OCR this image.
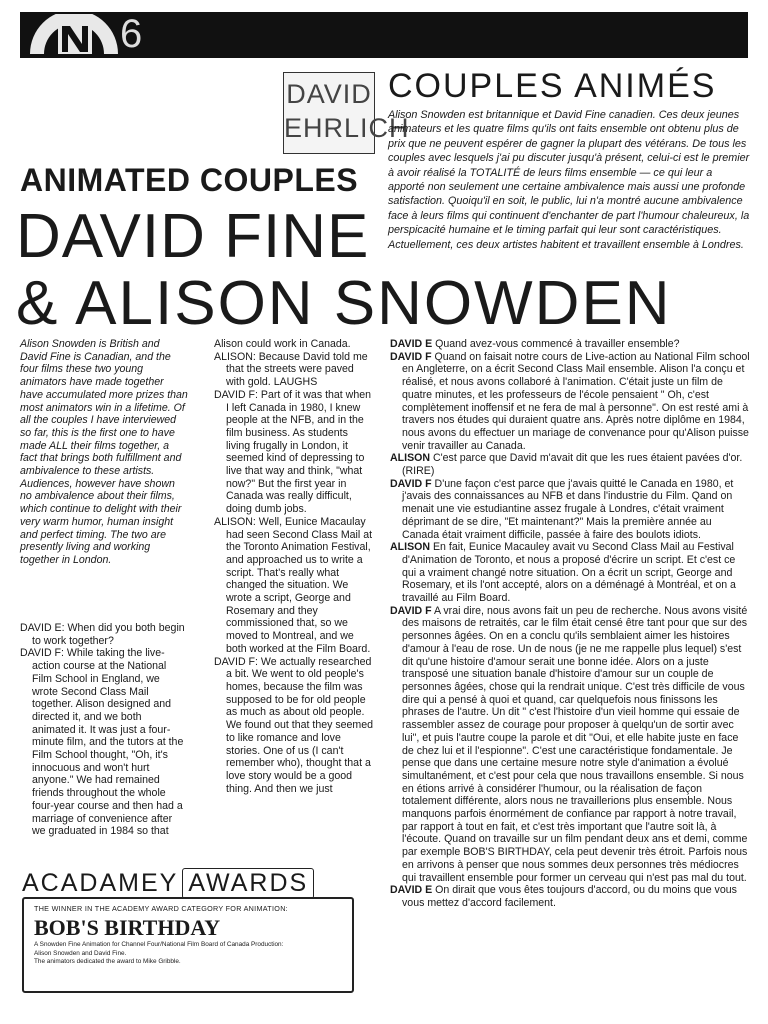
6
DAVID
EHRLICH
COUPLES ANIMÉS
Alison Snowden est britannique et David Fine canadien. Ces deux jeunes animateurs et les quatre films qu'ils ont faits ensemble ont obtenu plus de prix que ne peuvent espérer de gagner la plupart des vétérans. De tous les couples avec lesquels j'ai pu discuter jusqu'à présent, celui-ci est le premier à avoir réalisé la TOTALITÉ de leurs films ensemble — ce qui leur a apporté non seulement une certaine ambivalence mais aussi une profonde satisfaction. Quoiqu'il en soit, le public, lui n'a montré aucune ambivalence face à leurs films qui continuent d'enchanter de part l'humour chaleureux, la perspicacité humaine et le timing parfait qui leur sont caractéristiques. Actuellement, ces deux artistes habitent et travaillent ensemble à Londres.
ANIMATED COUPLES
DAVID FINE
& ALISON SNOWDEN
Alison Snowden is British and David Fine is Canadian, and the four films these two young animators have made together have accumulated more prizes than most animators win in a lifetime. Of all the couples I have interviewed so far, this is the first one to have made ALL their films together, a fact that brings both fulfillment and ambivalence to these artists. Audiences, however have shown no ambivalence about their films, which continue to delight with their very warm humor, human insight and perfect timing. The two are presently living and working together in London.

DAVID E: When did you both begin to work together?

DAVID F: While taking the live-action course at the National Film School in England, we wrote Second Class Mail together. Alison designed and directed it, and we both animated it. It was just a four-minute film, and the tutors at the Film School thought, "Oh, it's innocuous and won't hurt anyone." We had remained friends throughout the whole four-year course and then had a marriage of convenience after we graduated in 1984 so that

Alison could work in Canada.

ALISON: Because David told me that the streets were paved with gold. LAUGHS

DAVID F: Part of it was that when I left Canada in 1980, I knew people at the NFB, and in the film business. As students living frugally in London, it seemed kind of depressing to live that way and think, "what now?" But the first year in Canada was really difficult, doing dumb jobs.

ALISON: Well, Eunice Macaulay had seen Second Class Mail at the Toronto Animation Festival, and approached us to write a script. That's really what changed the situation. We wrote a script, George and Rosemary and they commissioned that, so we moved to Montreal, and we both worked at the Film Board.

DAVID F: We actually researched a bit. We went to old people's homes, because the film was supposed to be for old people as much as about old people. We found out that they seemed to like romance and love stories. One of us (I can't remember who), thought that a love story would be a good thing. And then we just

DAVID E Quand avez-vous commencé à travailler ensemble?

DAVID F Quand on faisait notre cours de Live-action au National Film school en Angleterre, on a écrit Second Class Mail ensemble. Alison l'a conçu et réalisé, et nous avons collaboré à l'animation. C'était juste un film de quatre minutes, et les professeurs de l'école pensaient " Oh, c'est complètement inoffensif et ne fera de mal à personne". On est resté ami à travers nos études qui duraient quatre ans. Après notre diplôme en 1984, nous avons du effectuer un mariage de convenance pour qu'Alison puisse venir travailler au Canada.

ALISON C'est parce que David m'avait dit que les rues étaient pavées d'or. (RIRE)

DAVID F D'une façon c'est parce que j'avais quitté le Canada en 1980, et j'avais des connaissances au NFB et dans l'industrie du Film. Qand on menait une vie estudiantine assez frugale à Londres, c'était vraiment déprimant de se dire, "Et maintenant?" Mais la première année au Canada était vraiment difficile, passée à faire des boulots idiots.

ALISON En fait, Eunice Macauley avait vu Second Class Mail au Festival d'Animation de Toronto, et nous a proposé d'écrire un script. Et c'est ce qui a vraiment changé notre situation. On a écrit un script, George and Rosemary, et ils l'ont accepté, alors on a déménagé à Montréal, et on a travaillé au Film Board.

DAVID F A vrai dire, nous avons fait un peu de recherche. Nous avons visité des maisons de retraités, car le film était censé être tant pour que sur des personnes âgées. On en a conclu qu'ils semblaient aimer les histoires d'amour à l'eau de rose. Un de nous (je ne me rappelle plus lequel) s'est dit qu'une histoire d'amour serait une bonne idée. Alors on a juste transposé une situation banale d'histoire d'amour sur un couple de personnes âgées, chose qui la rendrait unique. C'est très difficile de vous dire qui a pensé à quoi et quand, car quelquefois nous finissons les phrases de l'autre. Un dit " c'est l'histoire d'un vieil homme qui essaie de rassembler assez de courage pour proposer à quelqu'un de sortir avec lui", et puis l'autre coupe la parole et dit "Oui, et elle habite juste en face de chez lui et il l'espionne". C'est une caractéristique fondamentale. Je pense que dans une certaine mesure notre style d'animation a évolué simultanément, et c'est pour cela que nous travaillons ensemble. Si nous en étions arrivé à considérer l'humour, ou la réalisation de façon totalement différente, alors nous ne travaillerions plus ensemble. Nous manquons parfois énormément de confiance par rapport à notre travail, par rapport à tout en fait, et c'est très important que l'autre soit là, à l'écoute. Quand on travaille sur un film pendant deux ans et demi, comme par exemple BOB'S BIRTHDAY, cela peut devenir très étroit. Parfois nous en arrivons à penser que nous sommes deux personnes très médiocres qui travaillent ensemble pour former un cerveau qui n'est pas mal du tout.

DAVID E On dirait que vous êtes toujours d'accord, ou du moins que vous vous mettez d'accord facilement.

ACADAMEY AWARDS
THE WINNER IN THE ACADEMY AWARD CATEGORY FOR ANIMATION:
BOB'S BIRTHDAY
A Snowden Fine Animation for Channel Four/National Film Board of Canada Production:
Alison Snowden and David Fine.
The animators dedicated the award to Mike Gribble.
